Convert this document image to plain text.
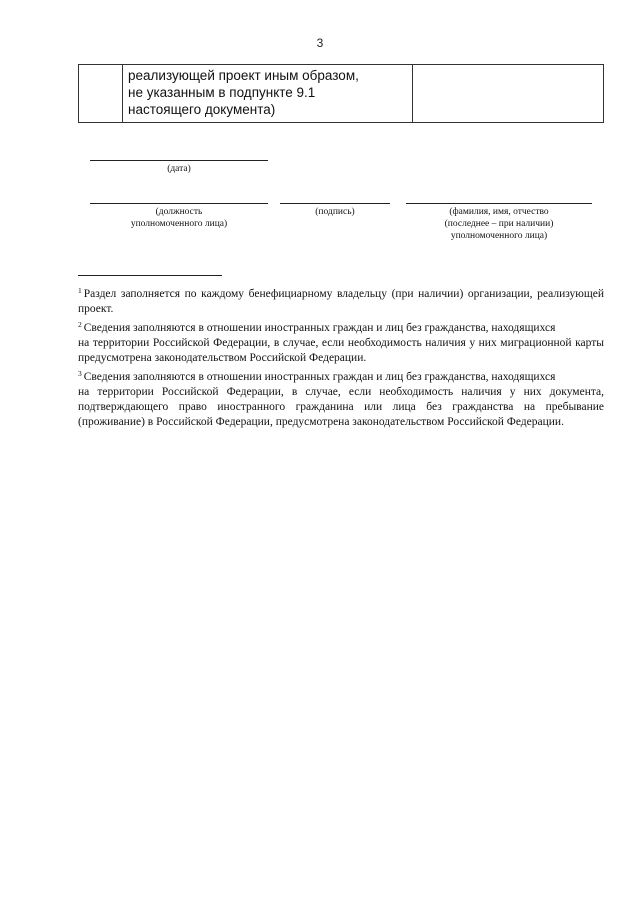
3

реализующей проект иным образом,
не указанным в подпункте 9.1
настоящего документа)

(дата)
(должность
уполномоченного лица)
(подпись)	(фамилия, имя, отчество
(последнее – при наличии)
уполномоченного лица)

$^1$ Раздел заполняется по каждому бенефициарному владельцу (при наличии) организации, реализующей проект.

$^2$ Сведения заполняются в отношении иностранных граждан и лиц без гражданства, находящихся

на территории Российской Федерации, в случае, если необходимость наличия у них миграционной карты предусмотрена законодательством Российской Федерации.

$^3$ Сведения заполняются в отношении иностранных граждан и лиц без гражданства, находящихся

на территории Российской Федерации, в случае, если необходимость наличия у них документа, подтверждающего право иностранного гражданина или лица без гражданства на пребывание (проживание) в Российской Федерации, предусмотрена законодательством Российской Федерации.
